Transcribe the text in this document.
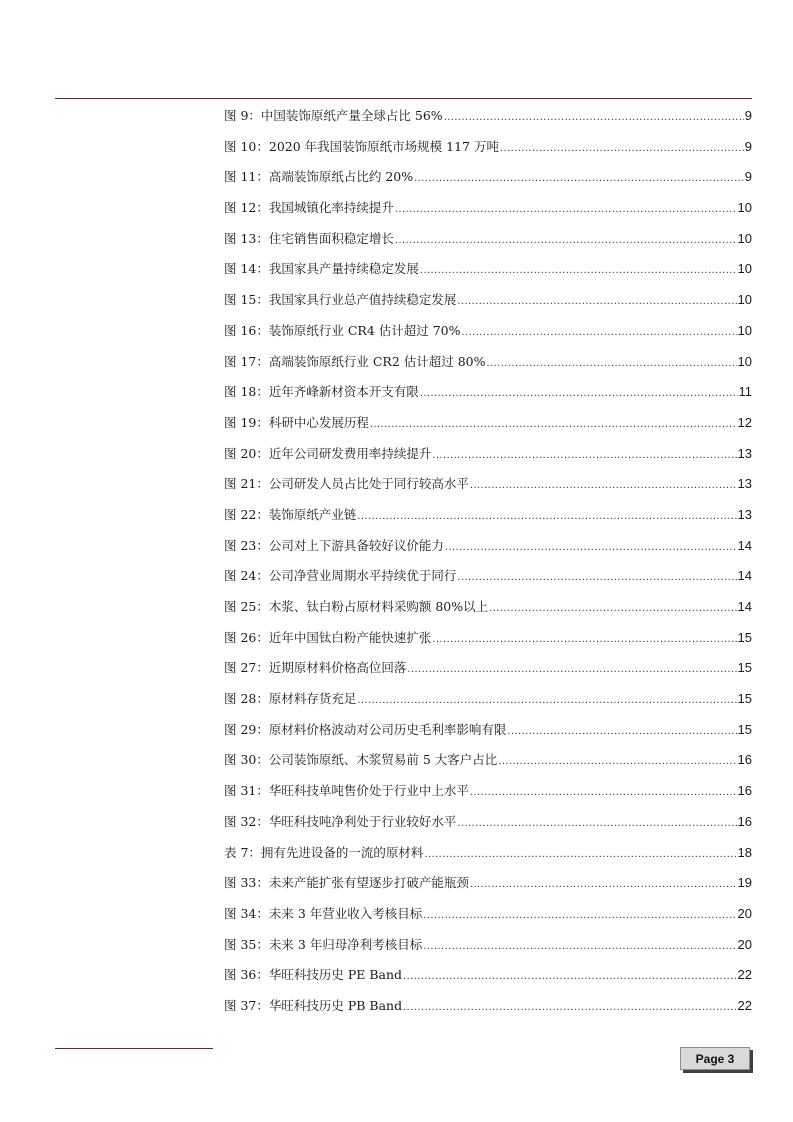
图 9：中国装饰原纸产量全球占比 56% .....	9
图 10：2020 年我国装饰原纸市场规模 117 万吨 .....	9
图 11：高端装饰原纸占比约 20% .....	9
图 12：我国城镇化率持续提升 .....	10
图 13：住宅销售面积稳定增长 .....	10
图 14：我国家具产量持续稳定发展 .....	10
图 15：我国家具行业总产值持续稳定发展 .....	10
图 16：装饰原纸行业 CR4 估计超过 70% .....	10
图 17：高端装饰原纸行业 CR2 估计超过 80% .....	10
图 18：近年齐峰新材资本开支有限 .....	11
图 19：科研中心发展历程 .....	12
图 20：近年公司研发费用率持续提升 .....	13
图 21：公司研发人员占比处于同行较高水平 .....	13
图 22：装饰原纸产业链 .....	13
图 23：公司对上下游具备较好议价能力 .....	14
图 24：公司净营业周期水平持续优于同行 .....	14
图 25：木浆、钛白粉占原材料采购额 80%以上 .....	14
图 26：近年中国钛白粉产能快速扩张 .....	15
图 27：近期原材料价格高位回落 .....	15
图 28：原材料存货充足 .....	15
图 29：原材料价格波动对公司历史毛利率影响有限 .....	15
图 30：公司装饰原纸、木浆贸易前 5 大客户占比 .....	16
图 31：华旺科技单吨售价处于行业中上水平 .....	16
图 32：华旺科技吨净利处于行业较好水平 .....	16
表 7：拥有先进设备的一流的原材料 .....	18
图 33：未来产能扩张有望逐步打破产能瓶颈 .....	19
图 34：未来 3 年营业收入考核目标 .....	20
图 35：未来 3 年归母净利考核目标 .....	20
图 36：华旺科技历史 PE Band .....	22
图 37：华旺科技历史 PB Band .....	22
Page 3
